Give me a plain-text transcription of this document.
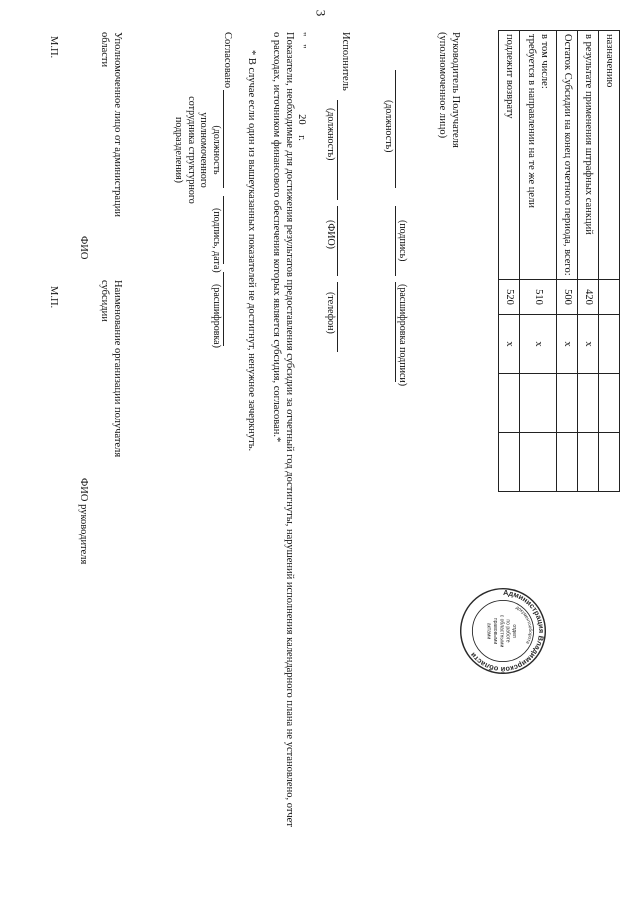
3
назначению				
в результате применения штрафных санкций	420	x		
Остаток Субсидии на конец отчетного периода, всего:	500	x		

в том числе:
требуется в направлении на те же цели	510	x		
подлежит возврату	520	x		
Руководитель Получателя
(уполномоченное лицо)
(должность)
(подпись)
(расшифровка подписи)
Исполнитель
(должность)
(ФИО)
(телефон)
"   "                         20    г.
Показатели, необходимые для достижения результатов предоставления субсидии за отчетный год достигнуты, нарушений исполнения календарного плана не установлено, отчет о расходах, источником финансового обеспечения которых является субсидия, согласован.*
* В случае если один из вышеуказанных показателей не достигнут, ненужное зачеркнуть.
Согласовано
(должность уполномоченного
сотрудника структурного
подразделения)
(подпись, дата)
(расшифровка)
Уполномоченное лицо от администрации
области
Наименование организации получателя
субсидии
ФИО
ФИО руководителя
М.П.
М.П.
Администрация Владимирской области
документооборота
отдел
по работе
с областными
правовыми
актами
